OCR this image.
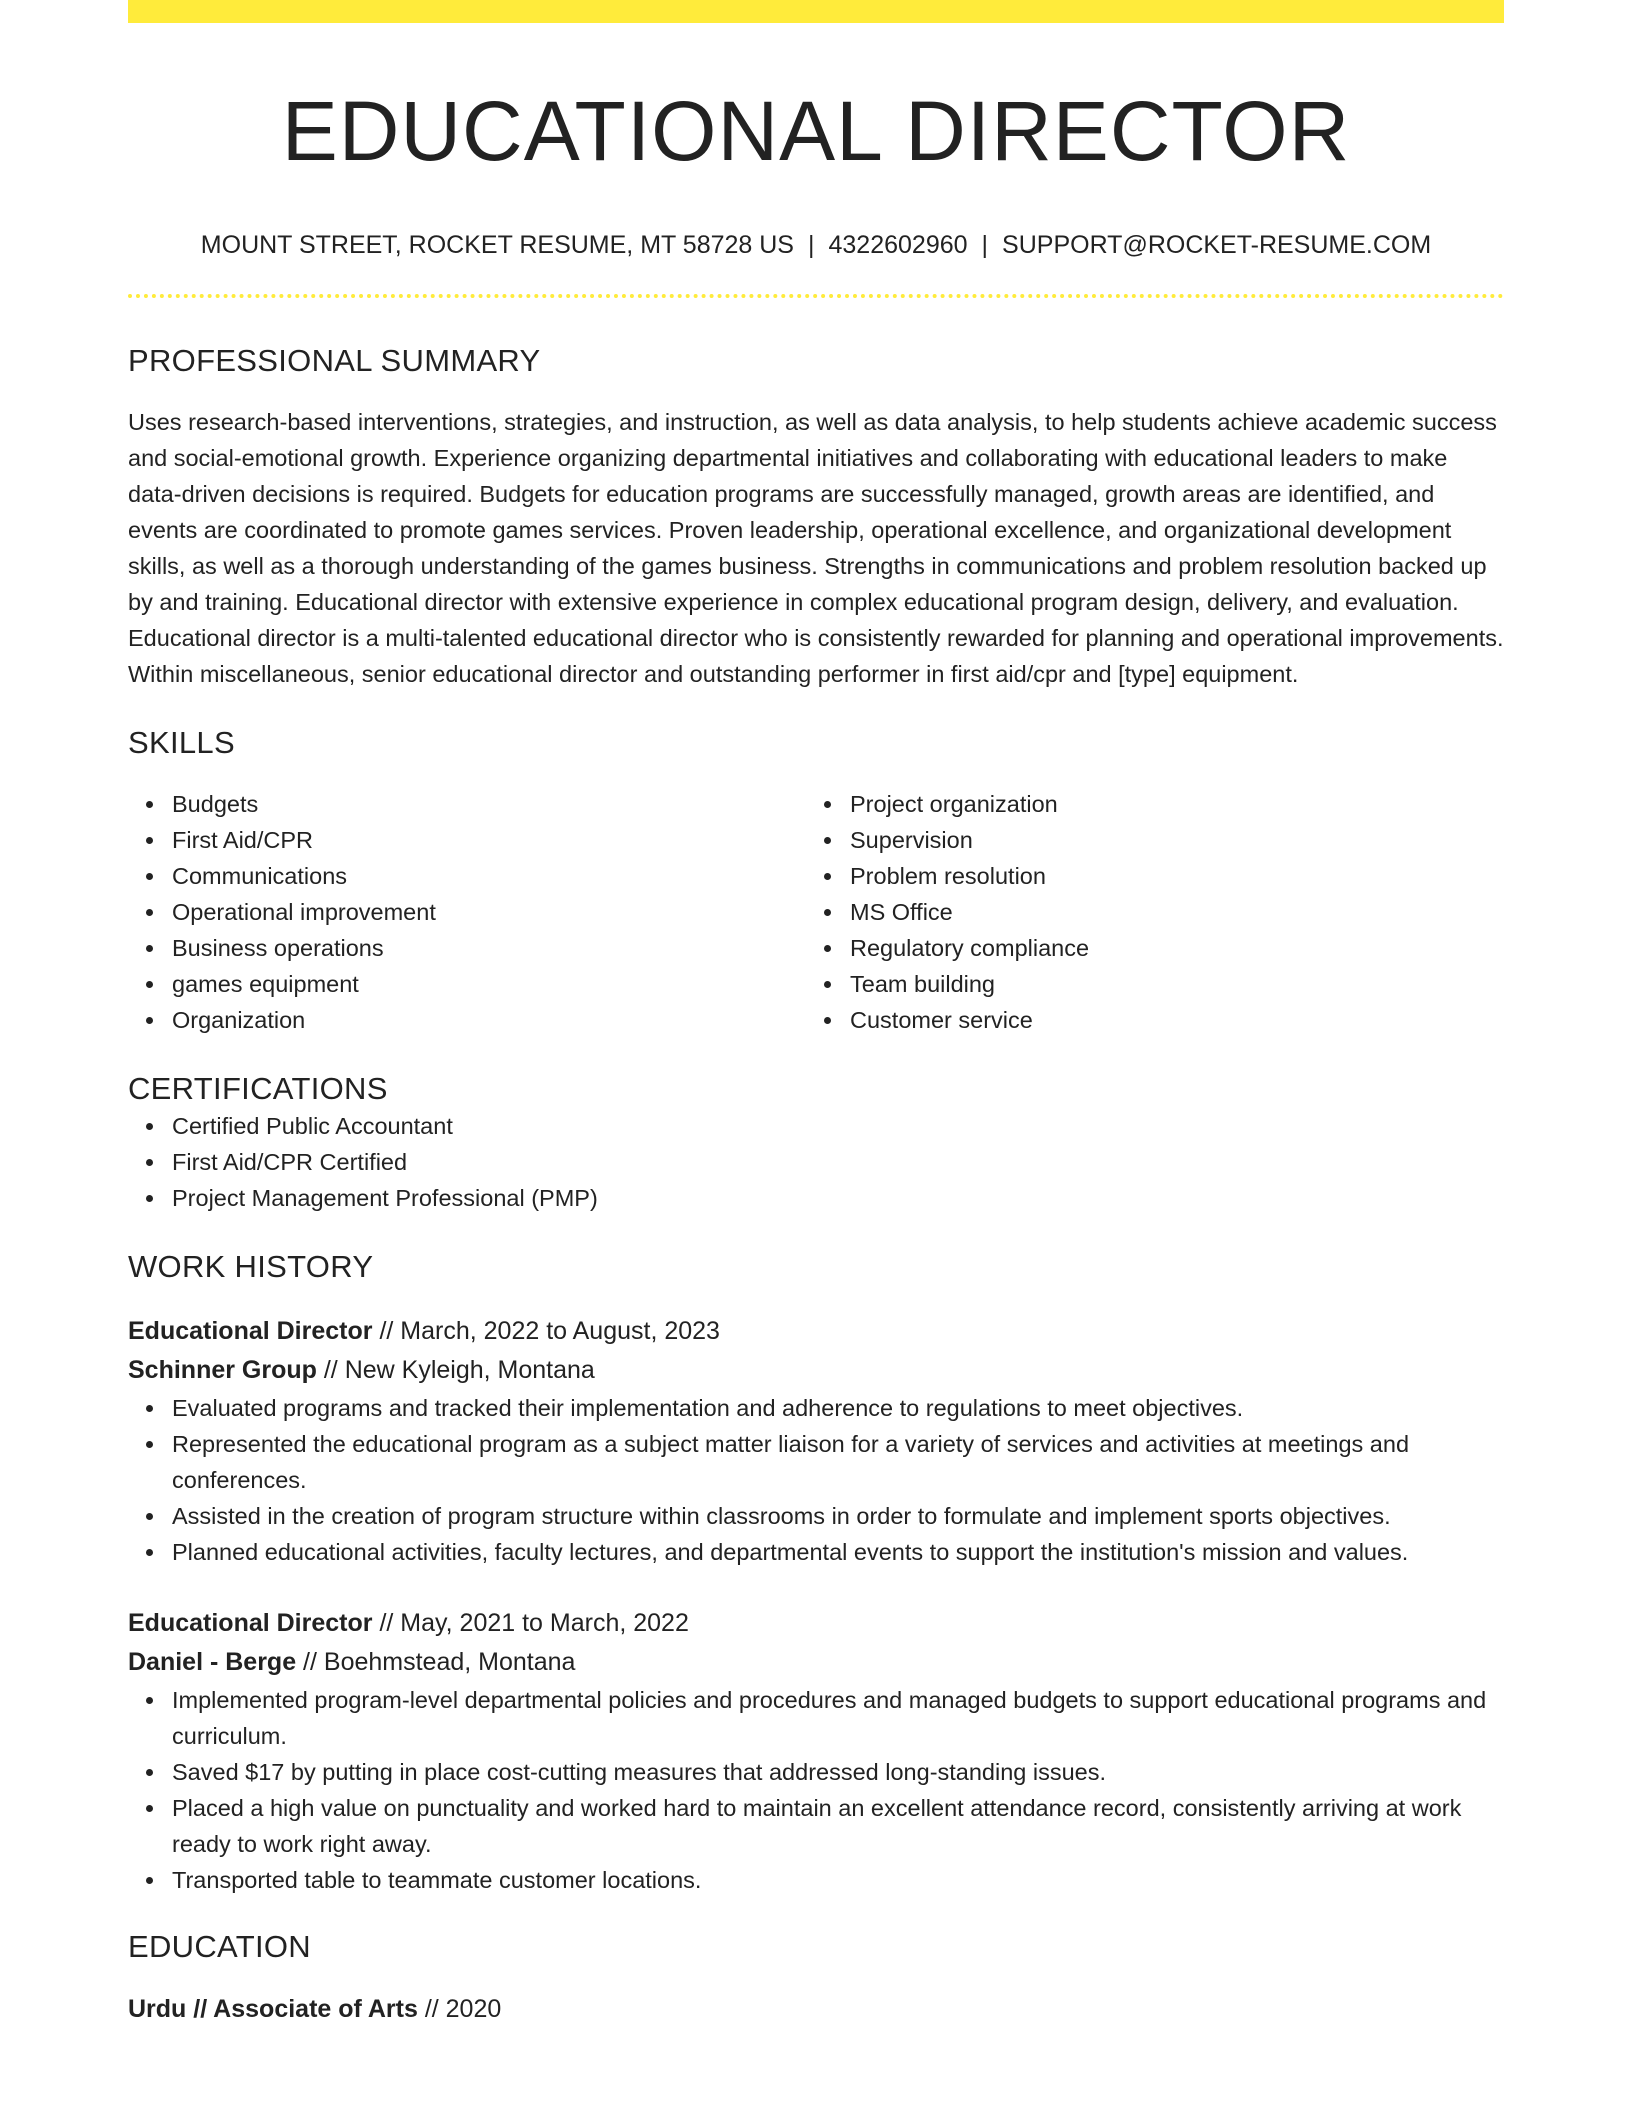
EDUCATIONAL DIRECTOR
MOUNT STREET, ROCKET RESUME, MT 58728 US | 4322602960 | SUPPORT@ROCKET-RESUME.COM
PROFESSIONAL SUMMARY

Uses research-based interventions, strategies, and instruction, as well as data analysis, to help students achieve academic success and social-emotional growth. Experience organizing departmental initiatives and collaborating with educational leaders to make data-driven decisions is required. Budgets for education programs are successfully managed, growth areas are identified, and events are coordinated to promote games services. Proven leadership, operational excellence, and organizational development skills, as well as a thorough understanding of the games business. Strengths in communications and problem resolution backed up by and training. Educational director with extensive experience in complex educational program design, delivery, and evaluation. Educational director is a multi-talented educational director who is consistently rewarded for planning and operational improvements. Within miscellaneous, senior educational director and outstanding performer in first aid/cpr and [type] equipment.

SKILLS
Budgets
First Aid/CPR
Communications
Operational improvement
Business operations
games equipment
Organization
Project organization
Supervision
Problem resolution
MS Office
Regulatory compliance
Team building
Customer service
CERTIFICATIONS
Certified Public Accountant
First Aid/CPR Certified
Project Management Professional (PMP)
WORK HISTORY
Educational Director // March, 2022 to August, 2023
Schinner Group // New Kyleigh, Montana
Evaluated programs and tracked their implementation and adherence to regulations to meet objectives.
Represented the educational program as a subject matter liaison for a variety of services and activities at meetings and conferences.
Assisted in the creation of program structure within classrooms in order to formulate and implement sports objectives.
Planned educational activities, faculty lectures, and departmental events to support the institution's mission and values.
Educational Director // May, 2021 to March, 2022
Daniel - Berge // Boehmstead, Montana
Implemented program-level departmental policies and procedures and managed budgets to support educational programs and curriculum.
Saved $17 by putting in place cost-cutting measures that addressed long-standing issues.
Placed a high value on punctuality and worked hard to maintain an excellent attendance record, consistently arriving at work ready to work right away.
Transported table to teammate customer locations.
EDUCATION
Urdu // Associate of Arts // 2020
